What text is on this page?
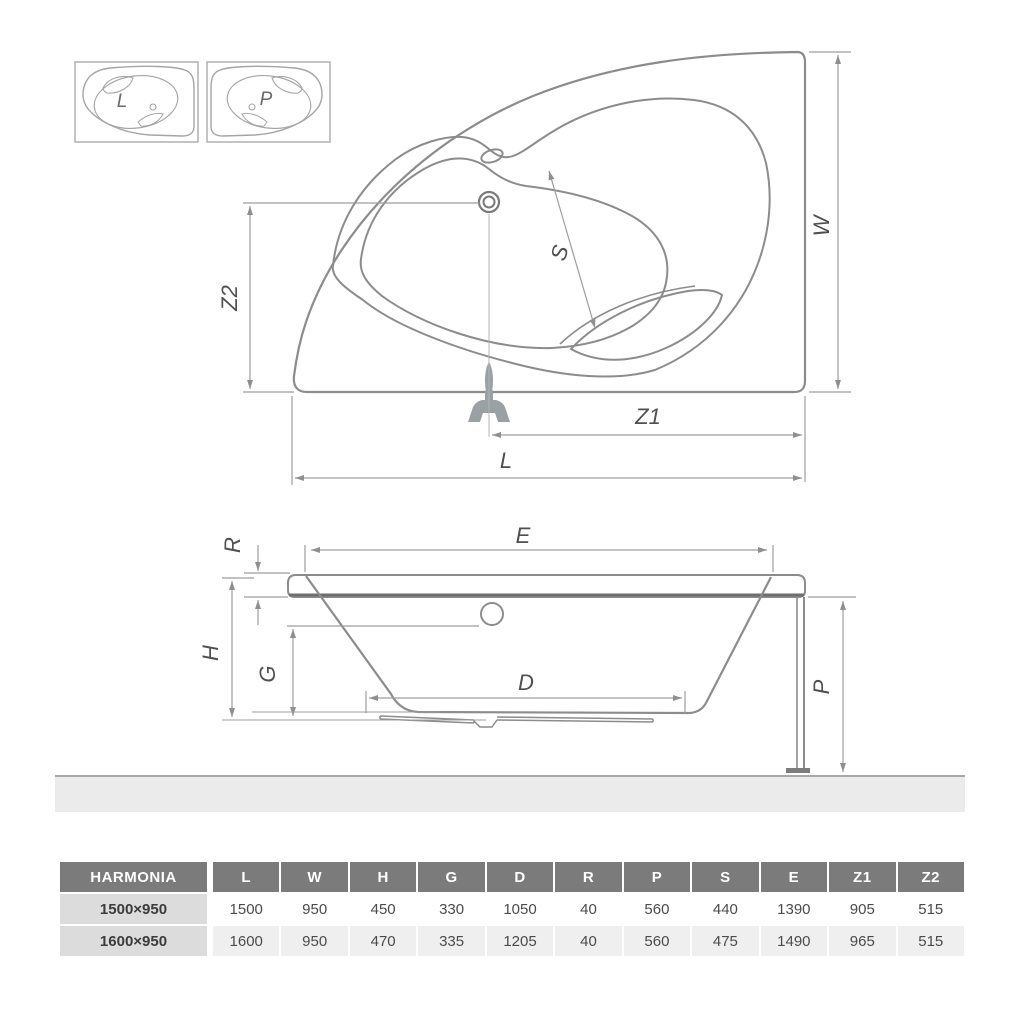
L	P
Z2
S
W
Z1
L
E
R
H
G	D	P
HARMONIA	L	W	H	G	D	R	P	S	E	Z1	Z2
1500×950	1500	950	450	330	1050	40	560	440	1390	905	515
1600×950	1600	950	470	335	1205	40	560	475	1490	965	515
